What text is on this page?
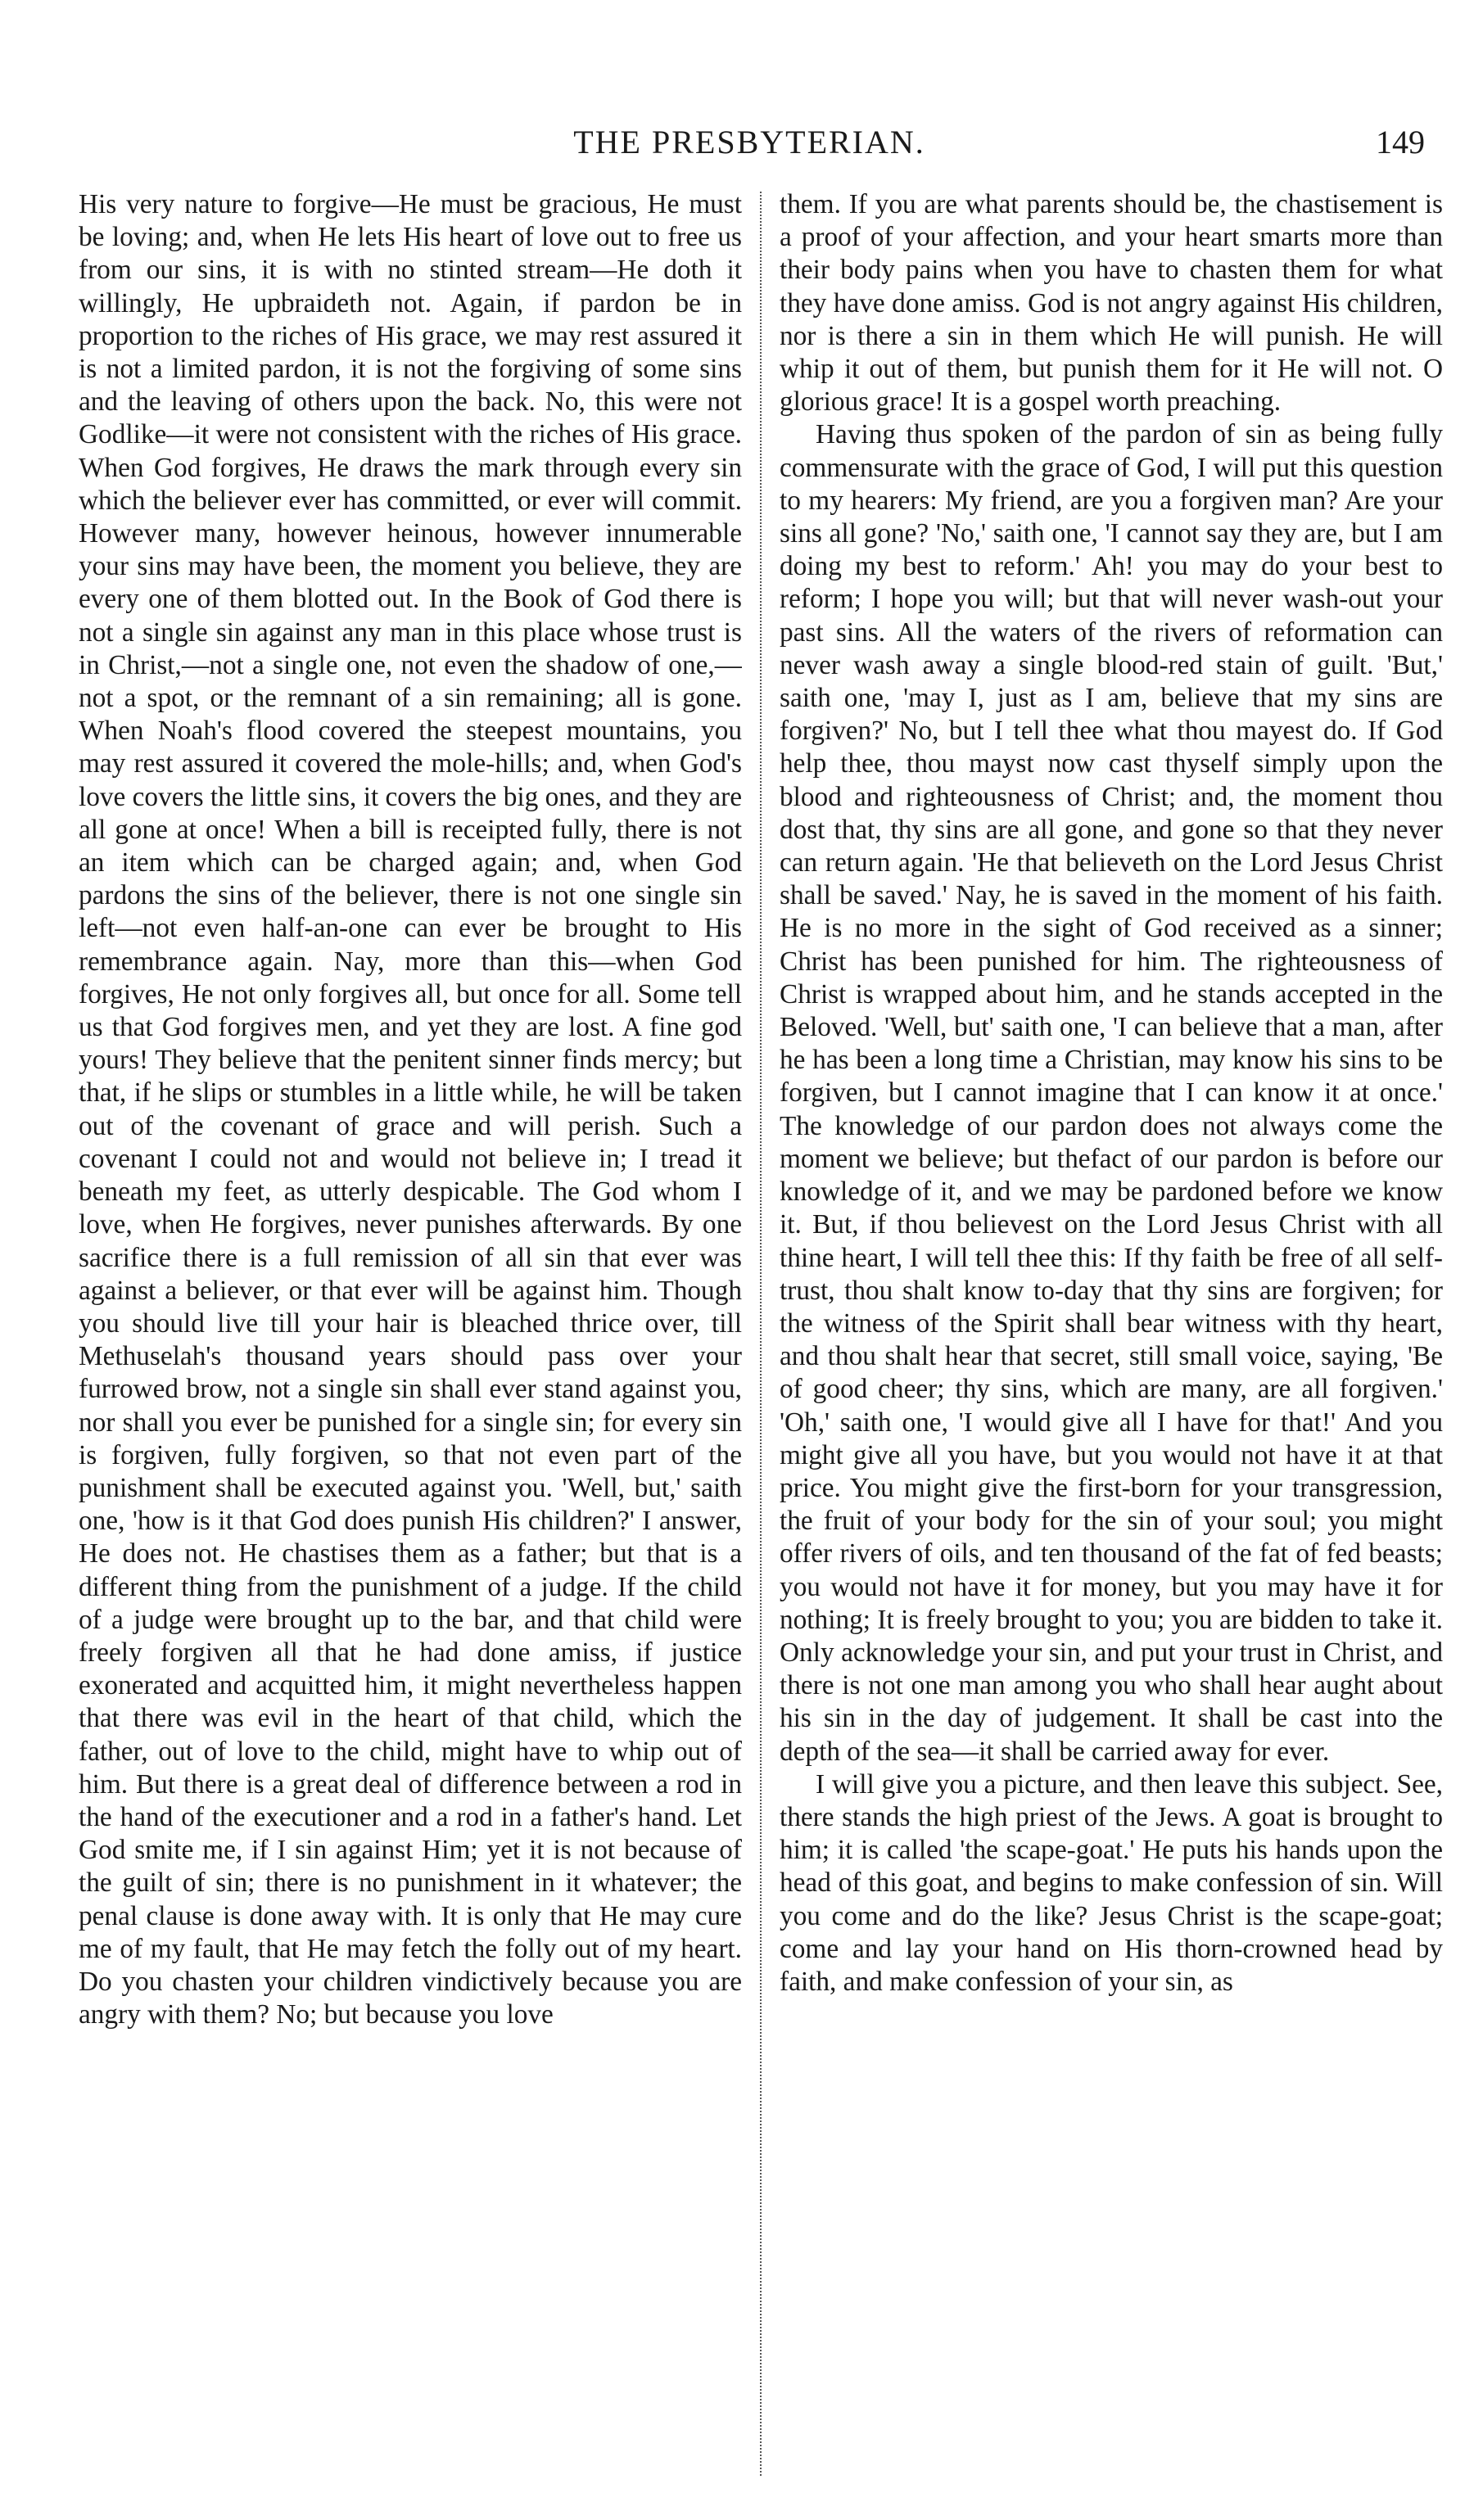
THE PRESBYTERIAN.	149

His very nature to forgive—He must be gracious, He must be loving; and, when He lets His heart of love out to free us from our sins, it is with no stinted stream—He doth it willingly, He upbraideth not. Again, if pardon be in proportion to the riches of His grace, we may rest assured it is not a limited pardon, it is not the forgiving of some sins and the leaving of others upon the back. No, this were not Godlike—it were not consistent with the riches of His grace. When God forgives, He draws the mark through every sin which the believer ever has committed, or ever will commit. However many, however heinous, however innumerable your sins may have been, the moment you believe, they are every one of them blotted out. In the Book of God there is not a single sin against any man in this place whose trust is in Christ,—not a single one, not even the shadow of one,—not a spot, or the remnant of a sin remaining; all is gone. When Noah's flood covered the steepest mountains, you may rest assured it covered the mole-hills; and, when God's love covers the little sins, it covers the big ones, and they are all gone at once! When a bill is receipted fully, there is not an item which can be charged again; and, when God pardons the sins of the believer, there is not one single sin left—not even half-an-one can ever be brought to His remembrance again. Nay, more than this—when God forgives, He not only forgives all, but once for all. Some tell us that God forgives men, and yet they are lost. A fine god yours! They believe that the penitent sinner finds mercy; but that, if he slips or stumbles in a little while, he will be taken out of the covenant of grace and will perish. Such a covenant I could not and would not believe in; I tread it beneath my feet, as utterly despicable. The God whom I love, when He forgives, never punishes afterwards. By one sacrifice there is a full remission of all sin that ever was against a believer, or that ever will be against him. Though you should live till your hair is bleached thrice over, till Methuselah's thousand years should pass over your furrowed brow, not a single sin shall ever stand against you, nor shall you ever be punished for a single sin; for every sin is forgiven, fully forgiven, so that not even part of the punishment shall be executed against you. 'Well, but,' saith one, 'how is it that God does punish His children?' I answer, He does not. He chastises them as a father; but that is a different thing from the punishment of a judge. If the child of a judge were brought up to the bar, and that child were freely forgiven all that he had done amiss, if justice exonerated and acquitted him, it might nevertheless happen that there was evil in the heart of that child, which the father, out of love to the child, might have to whip out of him. But there is a great deal of difference between a rod in the hand of the executioner and a rod in a father's hand. Let God smite me, if I sin against Him; yet it is not because of the guilt of sin; there is no punishment in it whatever; the penal clause is done away with. It is only that He may cure me of my fault, that He may fetch the folly out of my heart. Do you chasten your children vindictively because you are angry with them? No; but because you love

them. If you are what parents should be, the chastisement is a proof of your affection, and your heart smarts more than their body pains when you have to chasten them for what they have done amiss. God is not angry against His children, nor is there a sin in them which He will punish. He will whip it out of them, but punish them for it He will not. O glorious grace! It is a gospel worth preaching.

Having thus spoken of the pardon of sin as being fully commensurate with the grace of God, I will put this question to my hearers: My friend, are you a forgiven man? Are your sins all gone? 'No,' saith one, 'I cannot say they are, but I am doing my best to reform.' Ah! you may do your best to reform; I hope you will; but that will never wash-out your past sins. All the waters of the rivers of reformation can never wash away a single blood-red stain of guilt. 'But,' saith one, 'may I, just as I am, believe that my sins are forgiven?' No, but I tell thee what thou mayest do. If God help thee, thou mayst now cast thyself simply upon the blood and righteousness of Christ; and, the moment thou dost that, thy sins are all gone, and gone so that they never can return again. 'He that believeth on the Lord Jesus Christ shall be saved.' Nay, he is saved in the moment of his faith. He is no more in the sight of God received as a sinner; Christ has been punished for him. The righteousness of Christ is wrapped about him, and he stands accepted in the Beloved. 'Well, but' saith one, 'I can believe that a man, after he has been a long time a Christian, may know his sins to be forgiven, but I cannot imagine that I can know it at once.' The knowledge of our pardon does not always come the moment we believe; but thefact of our pardon is before our knowledge of it, and we may be pardoned before we know it. But, if thou believest on the Lord Jesus Christ with all thine heart, I will tell thee this: If thy faith be free of all self-trust, thou shalt know to-day that thy sins are forgiven; for the witness of the Spirit shall bear witness with thy heart, and thou shalt hear that secret, still small voice, saying, 'Be of good cheer; thy sins, which are many, are all forgiven.' 'Oh,' saith one, 'I would give all I have for that!' And you might give all you have, but you would not have it at that price. You might give the first-born for your transgression, the fruit of your body for the sin of your soul; you might offer rivers of oils, and ten thousand of the fat of fed beasts; you would not have it for money, but you may have it for nothing; It is freely brought to you; you are bidden to take it. Only acknowledge your sin, and put your trust in Christ, and there is not one man among you who shall hear aught about his sin in the day of judgement. It shall be cast into the depth of the sea—it shall be carried away for ever.

I will give you a picture, and then leave this subject. See, there stands the high priest of the Jews. A goat is brought to him; it is called 'the scape-goat.' He puts his hands upon the head of this goat, and begins to make confession of sin. Will you come and do the like? Jesus Christ is the scape-goat; come and lay your hand on His thorn-crowned head by faith, and make confession of your sin, as
